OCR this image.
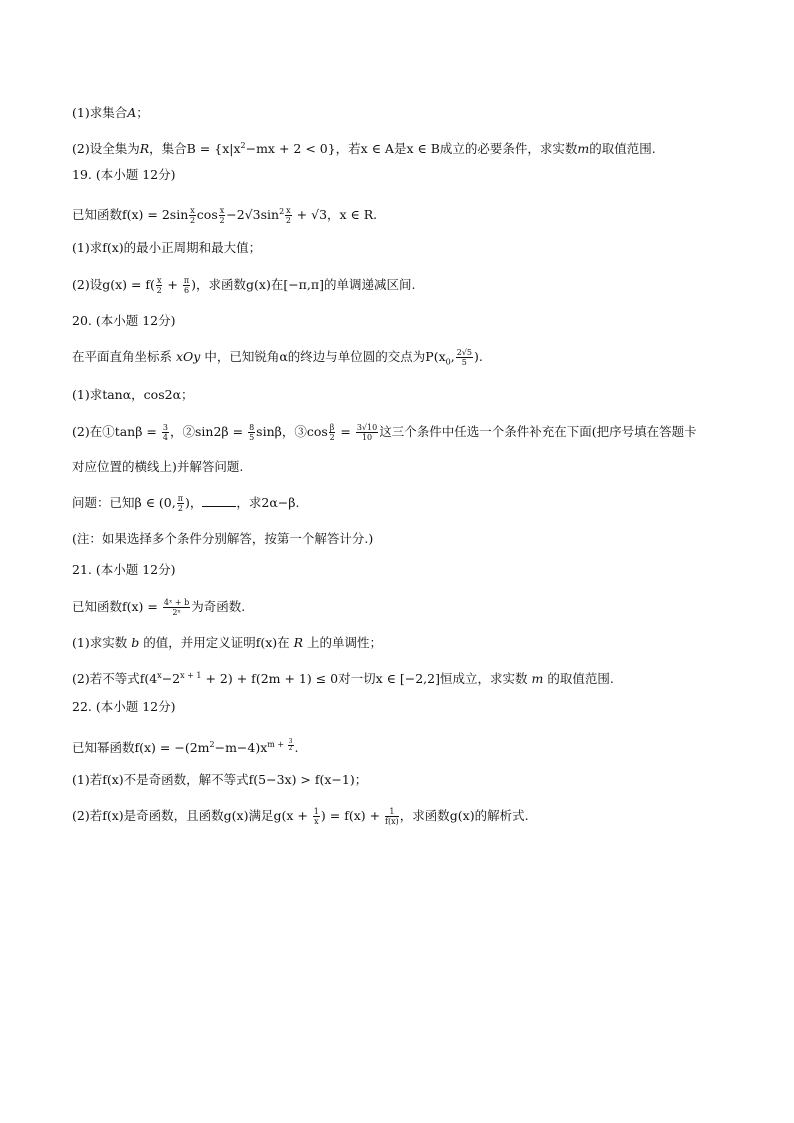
(1)求集合A；
(2)设全集为R，集合$B = \{x|x^2-mx + 2 < 0\}$，若x ∈ A是x ∈ B成立的必要条件，求实数m的取值范围.
19. (本小题 12分)
已知函数$f(x) = 2\sin \frac{x}{2}$ $\cos \frac{x}{2} -2√3\sin^2 \frac{x}{2} + √3$，x ∈ R.
(1)求f(x)的最小正周期和最大值；
(2)设$g(x) = f( \frac{x}{2} + \frac{\pi}{6}$ )，求函数g(x)在[−π,π]的单调递减区间.
20. (本小题 12分)
在平面直角坐标系 xOy 中，已知锐角α的终边与单位圆的交点为$P(x_0$, $\frac{2√5}{5}$ ).
(1)求tanα，cos2α；
(2)在①tanβ = $\frac{3}{4}$ ，②sin2β = $\frac{8}{5}$ sinβ，③cos $\frac{\beta}{2} = \frac{3√10}{10}$ 这三个条件中任选一个条件补充在下面(把序号填在答题卡
对应位置的横线上)并解答问题.
问题：已知β ∈ (0, $\frac{\pi}{2}$ )，	，求2α−β.
(注：如果选择多个条件分别解答，按第一个解答计分.)
21. (本小题 12分)
已知函数$f(x) = \frac{\text{4ˣ + b}}{\text{2ˣ}}$ 为奇函数.
(1)求实数 b 的值，并用定义证明f(x)在 R 上的单调性；
(2)若不等式$f(4^x-2^{x + 1} + 2) + f(2m + 1) \le 0$对一切x ∈ [−2,2]恒成立，求实数 m 的取值范围.
22. (本小题 12分)
已知幂函数$f(x) = -(2m^2-m-4)x^{m + \frac{3}{2}}$ .
(1)若f(x)不是奇函数，解不等式f(5−3x) > f(x−1)；
(2)若f(x)是奇函数，且函数g(x)满足$g(x + \frac{1}{x}$ ) = $f(x) + \frac{1}{f(x)}$ ，求函数g(x)的解析式.
